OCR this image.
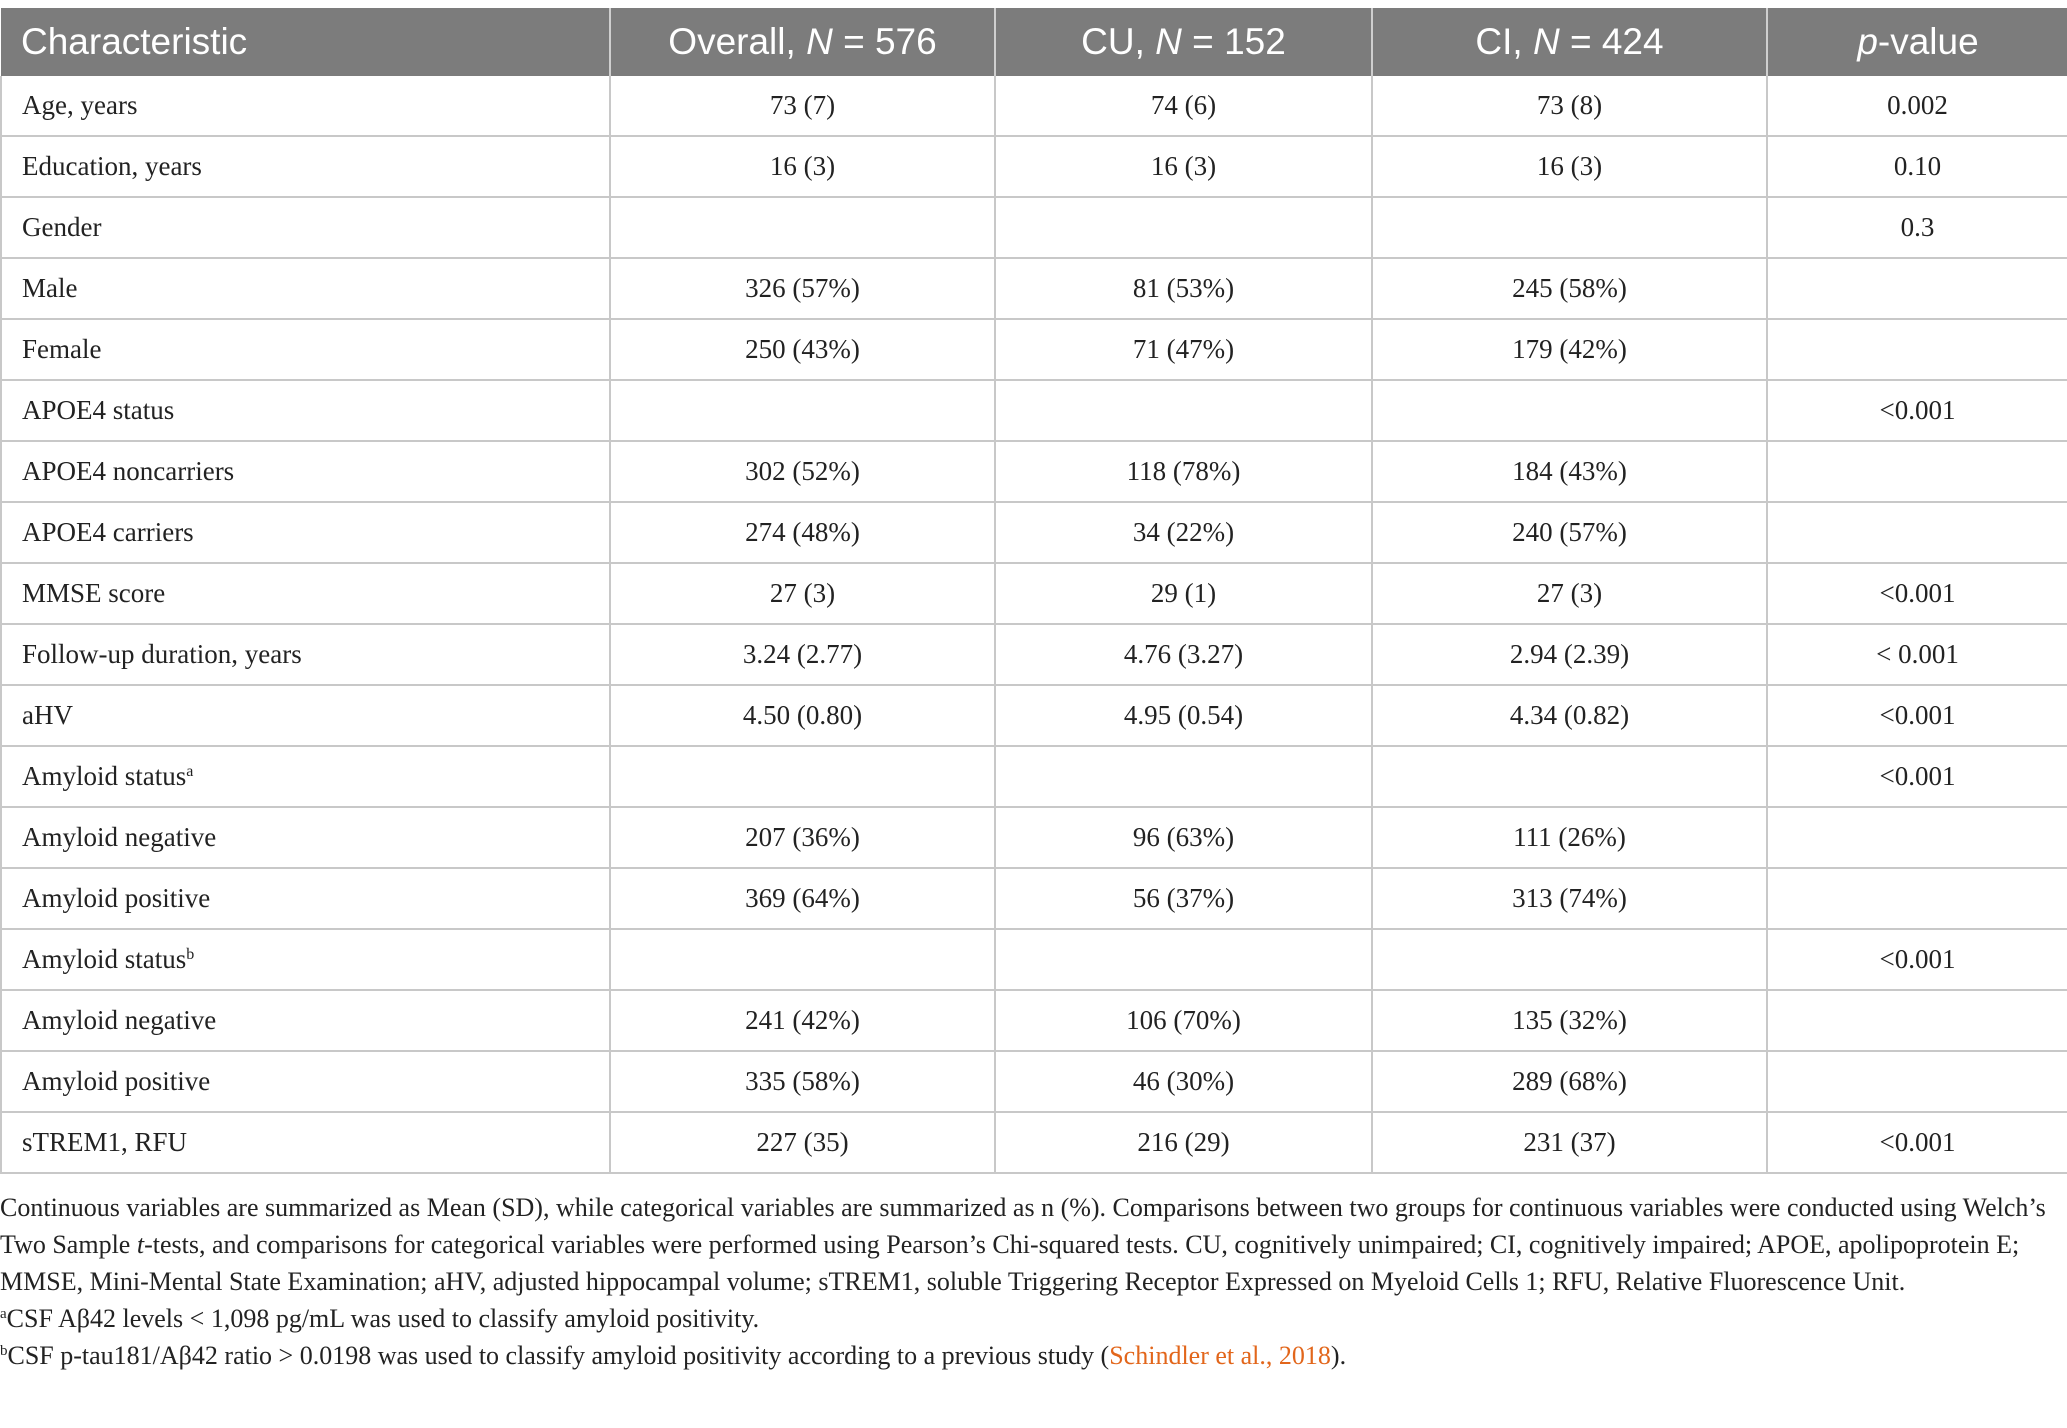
Characteristic	Overall, N = 576	CU, N = 152	CI, N = 424	p-value
Age, years	73 (7)	74 (6)	73 (8)	0.002
Education, years	16 (3)	16 (3)	16 (3)	0.10
Gender				0.3
Male	326 (57%)	81 (53%)	245 (58%)	
Female	250 (43%)	71 (47%)	179 (42%)	
APOE4 status				<0.001
APOE4 noncarriers	302 (52%)	118 (78%)	184 (43%)	
APOE4 carriers	274 (48%)	34 (22%)	240 (57%)	
MMSE score	27 (3)	29 (1)	27 (3)	<0.001
Follow-up duration, years	3.24 (2.77)	4.76 (3.27)	2.94 (2.39)	< 0.001
aHV	4.50 (0.80)	4.95 (0.54)	4.34 (0.82)	<0.001
Amyloid status$^a$				<0.001
Amyloid negative	207 (36%)	96 (63%)	111 (26%)	
Amyloid positive	369 (64%)	56 (37%)	313 (74%)	
Amyloid status$^b$				<0.001
Amyloid negative	241 (42%)	106 (70%)	135 (32%)	
Amyloid positive	335 (58%)	46 (30%)	289 (68%)	
sTREM1, RFU	227 (35)	216 (29)	231 (37)	<0.001

Continuous variables are summarized as Mean (SD), while categorical variables are summarized as n (%). Comparisons between two groups for continuous variables were conducted using Welch’s Two Sample t-tests, and comparisons for categorical variables were performed using Pearson’s Chi-squared tests. CU, cognitively unimpaired; CI, cognitively impaired; APOE, apolipoprotein E; MMSE, Mini-Mental State Examination; aHV, adjusted hippocampal volume; sTREM1, soluble Triggering Receptor Expressed on Myeloid Cells 1; RFU, Relative Fluorescence Unit.

$^a$CSF Aβ42 levels < 1,098 pg/mL was used to classify amyloid positivity.

$^b$CSF p-tau181/Aβ42 ratio > 0.0198 was used to classify amyloid positivity according to a previous study (Schindler et al., 2018).
